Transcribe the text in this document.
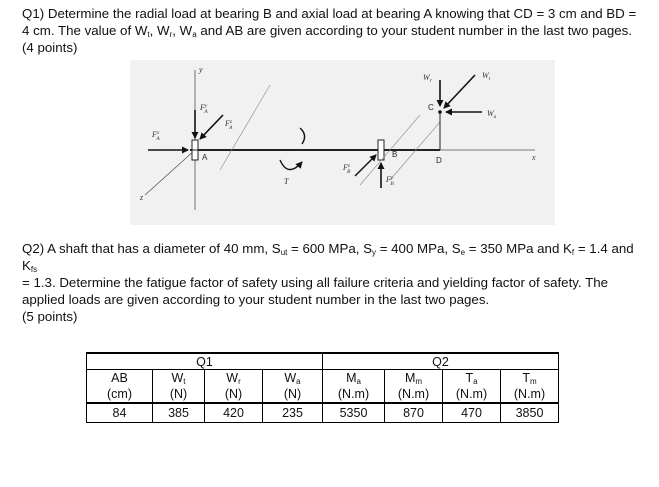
Q1) Determine the radial load at bearing B and axial load at bearing A knowing that CD = 3 cm and BD =
4 cm. The value of $W_t$, $W_r$, $W_a$ and AB are given according to your student number in the last two pages.

(4 points)

y
x
z
A	B
$F^x$ A
$F^y$ A
$F^z$ A
T
$F^z$ B
$F^y$ B
C
D
$W_r$
$W_t$
$W_a$

Q2) A shaft that has a diameter of 40 mm, $S_{ut} = 600$ MPa, $S_y = 400$ MPa, $S_e = 350$ MPa and $K_f = 1.4$ and $K_{fs}$
= 1.3. Determine the fatigue factor of safety using all failure criteria and yielding factor of safety. The
applied loads are given according to your student number in the last two pages.

(5 points)

Q1				Q2			
AB	$W_t$	$W_r$	$W_a$	$M_a$	$M_m$	$T_a$	$T_m$
(cm)	(N)	(N)	(N)	(N.m)	(N.m)	(N.m)	(N.m)
84	385	420	235	5350	870	470	3850
